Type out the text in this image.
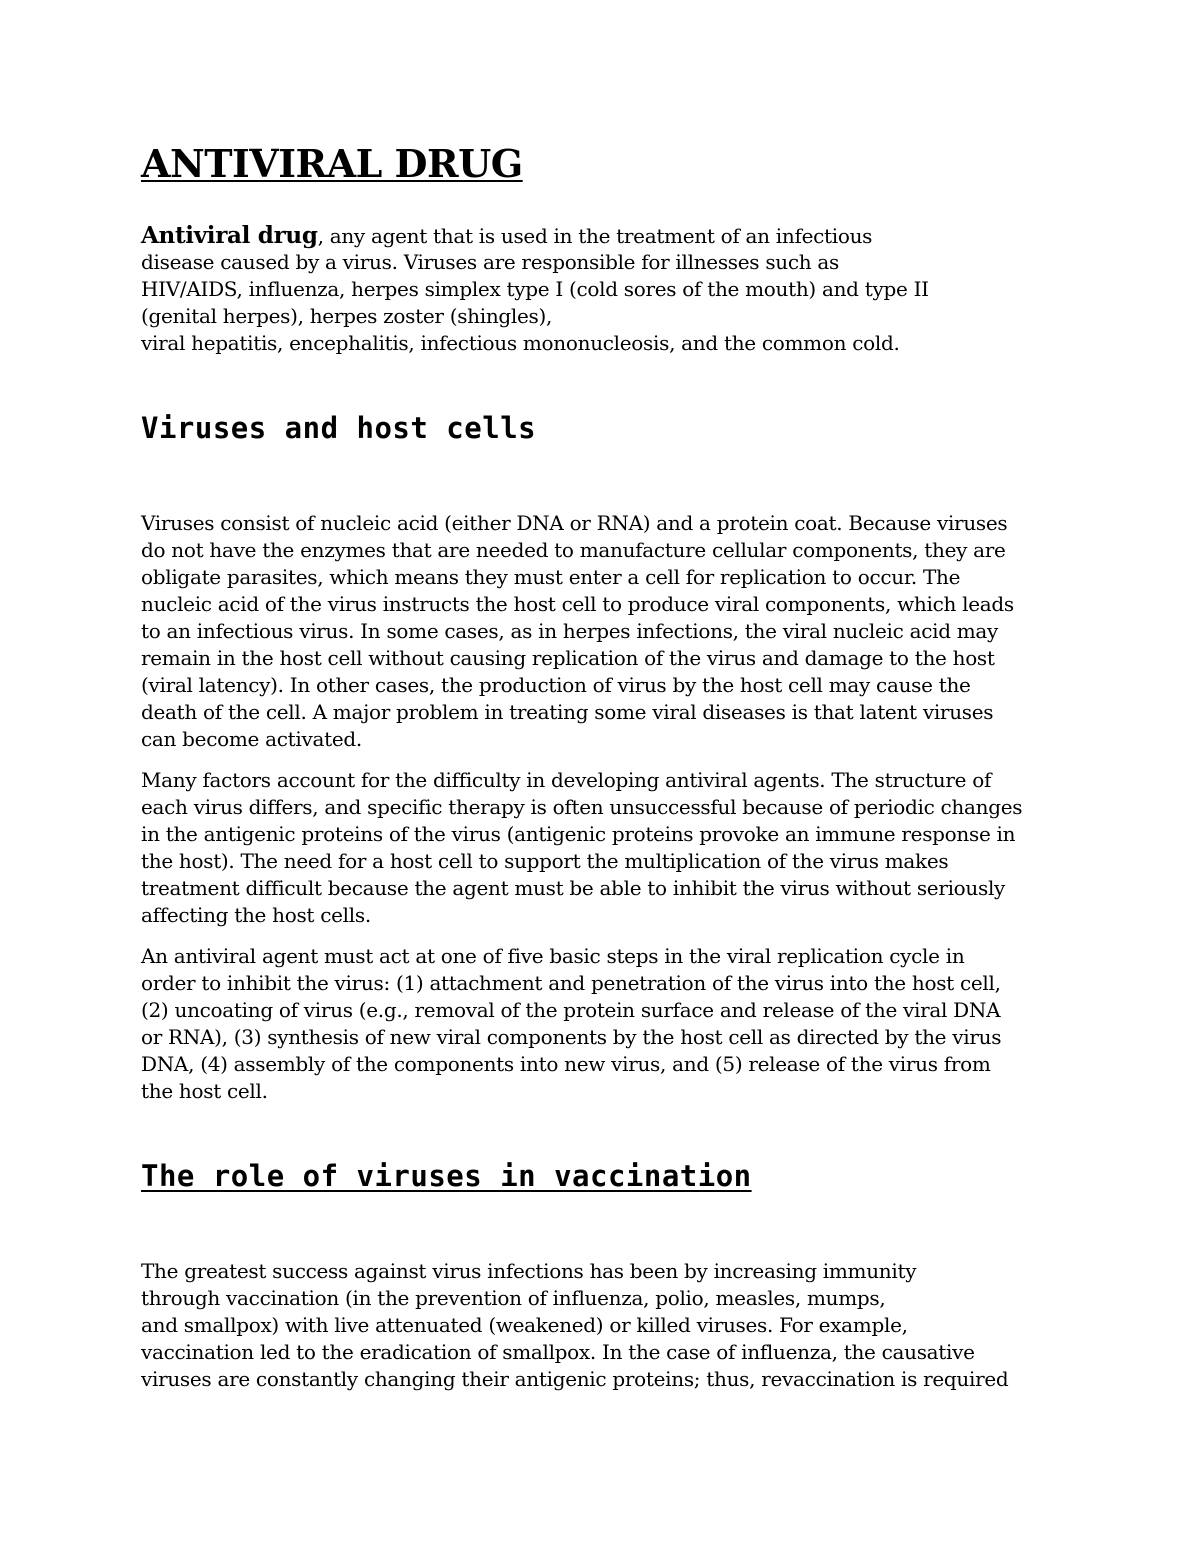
ANTIVIRAL DRUG
Antiviral drug, any agent that is used in the treatment of an infectious
disease caused by a virus. Viruses are responsible for illnesses such as
HIV/AIDS, influenza, herpes simplex type I (cold sores of the mouth) and type II
(genital herpes), herpes zoster (shingles),
viral hepatitis, encephalitis, infectious mononucleosis, and the common cold.
Viruses and host cells
Viruses consist of nucleic acid (either DNA or RNA) and a protein coat. Because viruses
do not have the enzymes that are needed to manufacture cellular components, they are
obligate parasites, which means they must enter a cell for replication to occur. The
nucleic acid of the virus instructs the host cell to produce viral components, which leads
to an infectious virus. In some cases, as in herpes infections, the viral nucleic acid may
remain in the host cell without causing replication of the virus and damage to the host
(viral latency). In other cases, the production of virus by the host cell may cause the
death of the cell. A major problem in treating some viral diseases is that latent viruses
can become activated.
Many factors account for the difficulty in developing antiviral agents. The structure of
each virus differs, and specific therapy is often unsuccessful because of periodic changes
in the antigenic proteins of the virus (antigenic proteins provoke an immune response in
the host). The need for a host cell to support the multiplication of the virus makes
treatment difficult because the agent must be able to inhibit the virus without seriously
affecting the host cells.
An antiviral agent must act at one of five basic steps in the viral replication cycle in
order to inhibit the virus: (1) attachment and penetration of the virus into the host cell,
(2) uncoating of virus (e.g., removal of the protein surface and release of the viral DNA
or RNA), (3) synthesis of new viral components by the host cell as directed by the virus
DNA, (4) assembly of the components into new virus, and (5) release of the virus from
the host cell.
The role of viruses in vaccination
The greatest success against virus infections has been by increasing immunity
through vaccination (in the prevention of influenza, polio, measles, mumps,
and smallpox) with live attenuated (weakened) or killed viruses. For example,
vaccination led to the eradication of smallpox. In the case of influenza, the causative
viruses are constantly changing their antigenic proteins; thus, revaccination is required
